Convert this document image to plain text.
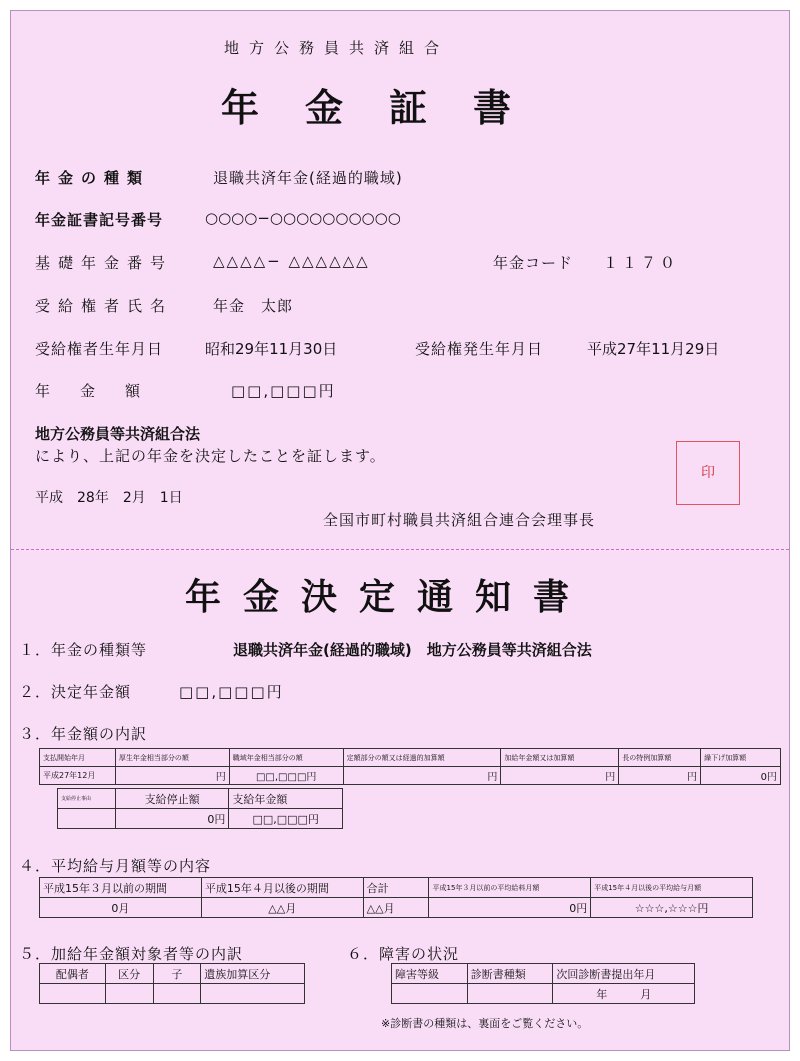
地方公務員共済組合
年金証書
年金の種類	退職共済年金(経過的職域)
年金証書記号番号	○○○○−○○○○○○○○○○
基礎年金番号	△△△△− △△△△△△	年金コード １１７０
受給権者氏名	年金　太郎
受給権者生年月日	昭和29年11月30日	受給権発生年月日	平成27年11月29日
年　　金　　額	□□,□□□円
地方公務員等共済組合法
により、上記の年金を決定したことを証します。
平成　28年　2月　1日
全国市町村職員共済組合連合会理事長
印
年金決定通知書
１．年金の種類等	退職共済年金(経過的職域)　地方公務員等共済組合法
２．決定年金額	□□,□□□円
３．年金額の内訳
支払開始年月	厚生年金相当部分の額	職域年金相当部分の額	定額部分の額又は経過的加算額	加給年金額又は加算額	長の特例加算額	繰下げ加算額
平成27年12月	円	□□,□□□円	円	円	円	0円
支給停止事由	支給停止額	支給年金額
	0円	□□,□□□円
４．平均給与月額等の内容
平成15年３月以前の期間	平成15年４月以後の期間	合計	平成15年３月以前の平均給料月額	平成15年４月以後の平均給与月額
0月	△△月	△△月	0円	☆☆☆,☆☆☆円
５．加給年金額対象者等の内訳
配偶者	区分	子	遺族加算区分

６．障害の状況
障害等級	診断書種類	次回診断書提出年月
		年　　　月
※診断書の種類は、裏面をご覧ください。
